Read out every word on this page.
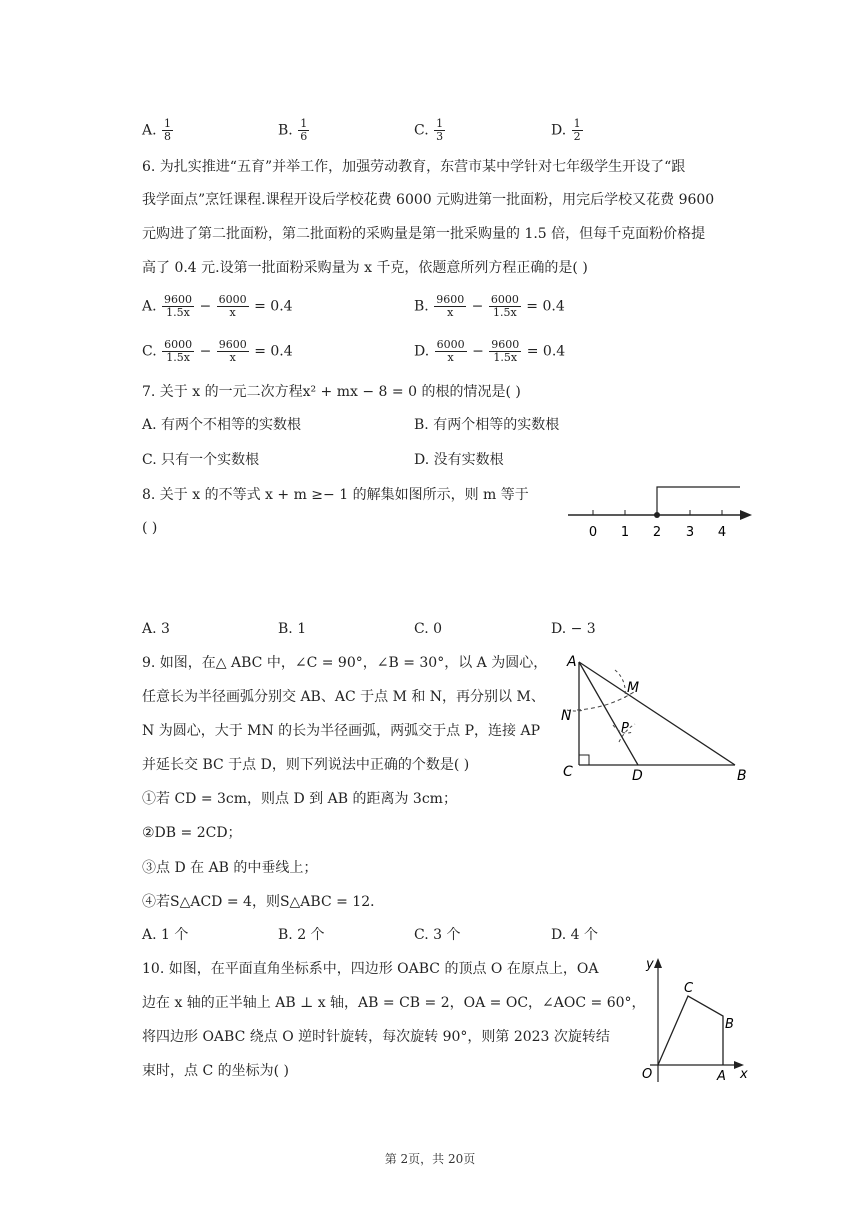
A. $\frac{1}{8}$	B. $\frac{1}{6}$	C. $\frac{1}{3}$	D. $\frac{1}{2}$
6. 为扎实推进“五育”并举工作，加强劳动教育，东营市某中学针对七年级学生开设了“跟
我学面点”烹饪课程.课程开设后学校花费 6000 元购进第一批面粉，用完后学校又花费 9600
元购进了第二批面粉，第二批面粉的采购量是第一批采购量的 1.5 倍，但每千克面粉价格提
高了 0.4 元.设第一批面粉采购量为 x 千克，依题意所列方程正确的是( )
A. $\frac{9600}{1.5x} - \frac{6000}{x} = 0.4$	B. $\frac{9600}{x} - \frac{6000}{1.5x} = 0.4$
C. $\frac{6000}{1.5x} - \frac{9600}{x} = 0.4$	D. $\frac{6000}{x} - \frac{9600}{1.5x} = 0.4$
7. 关于 x 的一元二次方程x² + mx − 8 = 0 的根的情况是( )
A. 有两个不相等的实数根	B. 有两个相等的实数根
C. 只有一个实数根	D. 没有实数根
8. 关于 x 的不等式 x + m ≥− 1 的解集如图所示，则 m 等于
( )	0 1 2 3 4
A. 3	B. 1	C. 0	D. − 3
9. 如图，在△ ABC 中，∠C = 90°，∠B = 30°，以 A 为圆心，
任意长为半径画弧分别交 AB、AC 于点 M 和 N，再分别以 M、
N 为圆心，大于 MN 的长为半径画弧，两弧交于点 P，连接 AP
并延长交 BC 于点 D，则下列说法中正确的个数是( )
①若 CD = 3cm，则点 D 到 AB 的距离为 3cm；
②DB = 2CD；
③点 D 在 AB 的中垂线上；
④若S△ACD = 4，则S△ABC = 12．
A. 1 个	B. 2 个	C. 3 个	D. 4 个
A
M
N
P
C	D	B
10. 如图，在平面直角坐标系中，四边形 OABC 的顶点 O 在原点上，OA
边在 x 轴的正半轴上 AB ⊥ x 轴，AB = CB = 2，OA = OC，∠AOC = 60°，
将四边形 OABC 绕点 O 逆时针旋转，每次旋转 90°，则第 2023 次旋转结
束时，点 C 的坐标为( )
y
x
O	A
B
C
第 2页，共 20页
